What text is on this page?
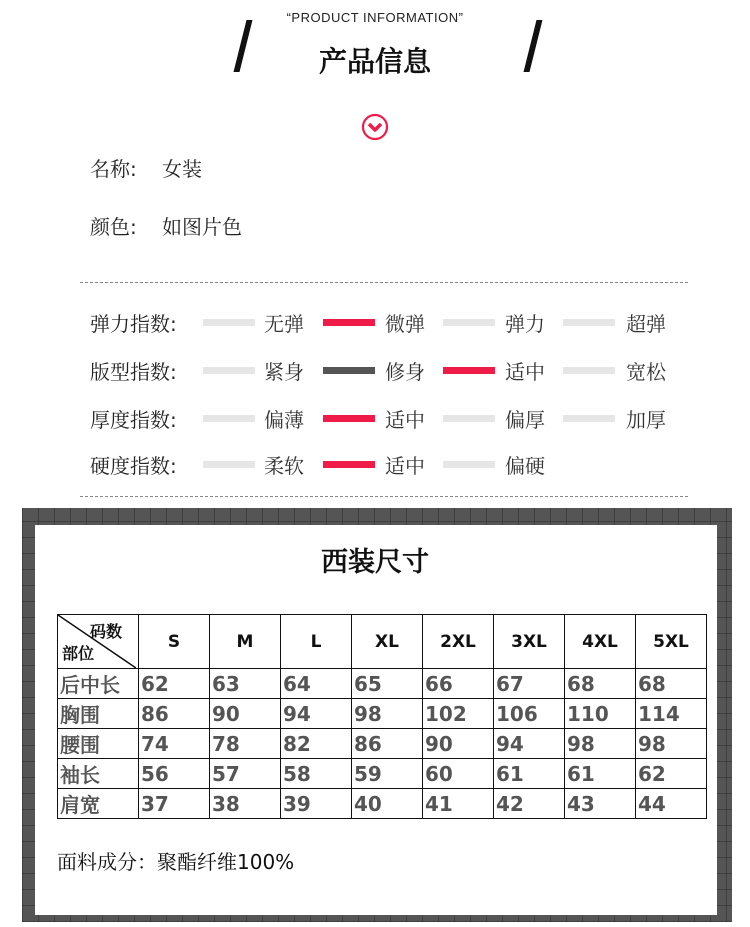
“PRODUCT INFORMATION”
产品信息
名称: 女装
颜色: 如图片色
弹力指数:	无弹	微弹	弹力	超弹
版型指数:	紧身	修身	适中	宽松
厚度指数:	偏薄	适中	偏厚	加厚
硬度指数:	柔软	适中	偏硬
西装尺寸
码数
部位	S	M	L	XL	2XL	3XL	4XL	5XL
后中长	62	63	64	65	66	67	68	68
胸围	86	90	94	98	102	106	110	114
腰围	74	78	82	86	90	94	98	98
袖长	56	57	58	59	60	61	61	62
肩宽	37	38	39	40	41	42	43	44
面料成分：聚酯纤维100%
